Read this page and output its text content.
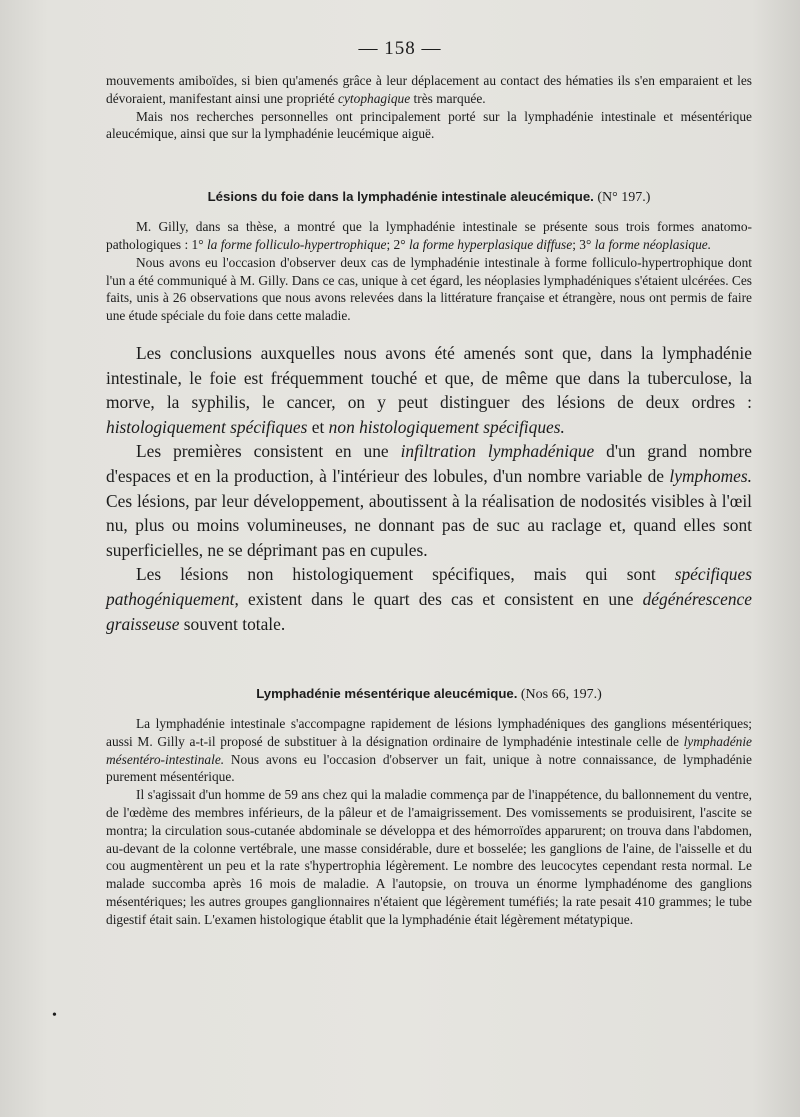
— 158 —

mouvements amiboïdes, si bien qu'amenés grâce à leur déplacement au contact des hématies ils s'en emparaient et les dévoraient, manifestant ainsi une propriété cytophagique très marquée.

Mais nos recherches personnelles ont principalement porté sur la lymphadénie intestinale et mésentérique aleucémique, ainsi que sur la lymphadénie leucémique aiguë.

Lésions du foie dans la lymphadénie intestinale aleucémique. (N° 197.)

M. Gilly, dans sa thèse, a montré que la lymphadénie intestinale se présente sous trois formes anatomo-pathologiques : 1° la forme folliculo-hypertrophique; 2° la forme hyperplasique diffuse; 3° la forme néoplasique.

Nous avons eu l'occasion d'observer deux cas de lymphadénie intestinale à forme folliculo-hypertrophique dont l'un a été communiqué à M. Gilly. Dans ce cas, unique à cet égard, les néoplasies lymphadéniques s'étaient ulcérées. Ces faits, unis à 26 observations que nous avons relevées dans la littérature française et étrangère, nous ont permis de faire une étude spéciale du foie dans cette maladie.

Les conclusions auxquelles nous avons été amenés sont que, dans la lymphadénie intestinale, le foie est fréquemment touché et que, de même que dans la tuberculose, la morve, la syphilis, le cancer, on y peut distinguer des lésions de deux ordres : histologiquement spécifiques et non histologiquement spécifiques.

Les premières consistent en une infiltration lymphadénique d'un grand nombre d'espaces et en la production, à l'intérieur des lobules, d'un nombre variable de lymphomes. Ces lésions, par leur développement, aboutissent à la réalisation de nodosités visibles à l'œil nu, plus ou moins volumineuses, ne donnant pas de suc au raclage et, quand elles sont superficielles, ne se déprimant pas en cupules.

Les lésions non histologiquement spécifiques, mais qui sont spécifiques pathogéniquement, existent dans le quart des cas et consistent en une dégénérescence graisseuse souvent totale.

Lymphadénie mésentérique aleucémique. (Nos 66, 197.)

La lymphadénie intestinale s'accompagne rapidement de lésions lymphadéniques des ganglions mésentériques; aussi M. Gilly a-t-il proposé de substituer à la désignation ordinaire de lymphadénie intestinale celle de lymphadénie mésentéro-intestinale. Nous avons eu l'occasion d'observer un fait, unique à notre connaissance, de lymphadénie purement mésentérique.

Il s'agissait d'un homme de 59 ans chez qui la maladie commença par de l'inappétence, du ballonnement du ventre, de l'œdème des membres inférieurs, de la pâleur et de l'amaigrissement. Des vomissements se produisirent, l'ascite se montra; la circulation sous-cutanée abdominale se développa et des hémorroïdes apparurent; on trouva dans l'abdomen, au-devant de la colonne vertébrale, une masse considérable, dure et bosselée; les ganglions de l'aine, de l'aisselle et du cou augmentèrent un peu et la rate s'hypertrophia légèrement. Le nombre des leucocytes cependant resta normal. Le malade succomba après 16 mois de maladie. A l'autopsie, on trouva un énorme lymphadénome des ganglions mésentériques; les autres groupes ganglionnaires n'étaient que légèrement tuméfiés; la rate pesait 410 grammes; le tube digestif était sain. L'examen histologique établit que la lymphadénie était légèrement métatypique.

•
